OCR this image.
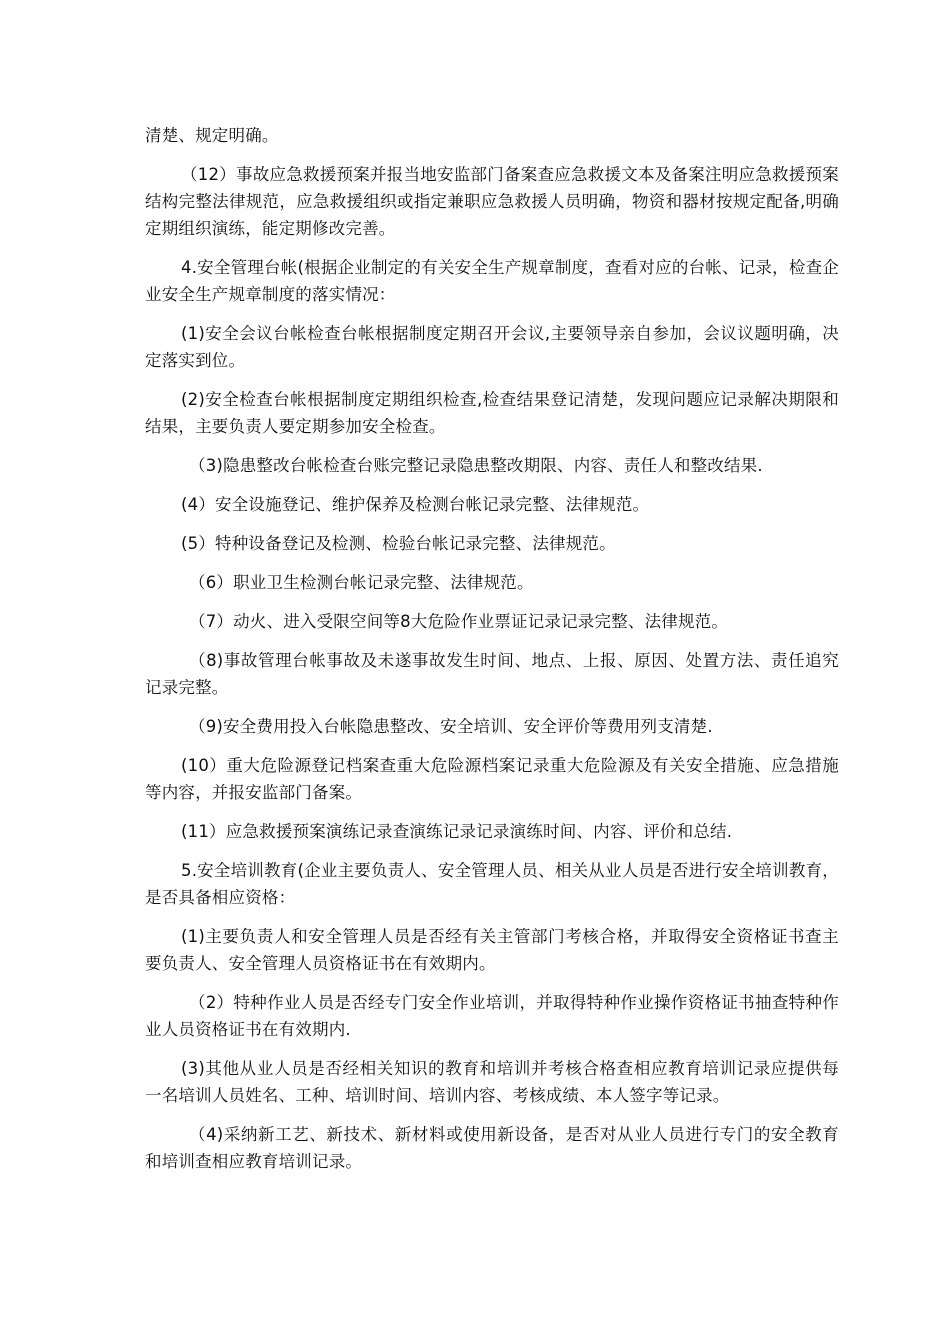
清楚、规定明确。

（12）事故应急救援预案并报当地安监部门备案查应急救援文本及备案注明应急救援预案结构完整法律规范，应急救援组织或指定兼职应急救援人员明确，物资和器材按规定配备,明确定期组织演练，能定期修改完善。

4.安全管理台帐(根据企业制定的有关安全生产规章制度，查看对应的台帐、记录，检查企业安全生产规章制度的落实情况：

(1)安全会议台帐检查台帐根据制度定期召开会议,主要领导亲自参加，会议议题明确，决定落实到位。

(2)安全检查台帐根据制度定期组织检查,检查结果登记清楚，发现问题应记录解决期限和结果，主要负责人要定期参加安全检查。

（3)隐患整改台帐检查台账完整记录隐患整改期限、内容、责任人和整改结果.

(4）安全设施登记、维护保养及检测台帐记录完整、法律规范。

(5）特种设备登记及检测、检验台帐记录完整、法律规范。

（6）职业卫生检测台帐记录完整、法律规范。

（7）动火、进入受限空间等8大危险作业票证记录记录完整、法律规范。

（8)事故管理台帐事故及未遂事故发生时间、地点、上报、原因、处置方法、责任追究记录完整。

（9)安全费用投入台帐隐患整改、安全培训、安全评价等费用列支清楚.

(10）重大危险源登记档案查重大危险源档案记录重大危险源及有关安全措施、应急措施等内容，并报安监部门备案。

(11）应急救援预案演练记录查演练记录记录演练时间、内容、评价和总结.

5.安全培训教育(企业主要负责人、安全管理人员、相关从业人员是否进行安全培训教育，是否具备相应资格：

(1)主要负责人和安全管理人员是否经有关主管部门考核合格，并取得安全资格证书查主要负责人、安全管理人员资格证书在有效期内。

（2）特种作业人员是否经专门安全作业培训，并取得特种作业操作资格证书抽查特种作业人员资格证书在有效期内.

(3)其他从业人员是否经相关知识的教育和培训并考核合格查相应教育培训记录应提供每一名培训人员姓名、工种、培训时间、培训内容、考核成绩、本人签字等记录。

（4)采纳新工艺、新技术、新材料或使用新设备，是否对从业人员进行专门的安全教育和培训查相应教育培训记录。
